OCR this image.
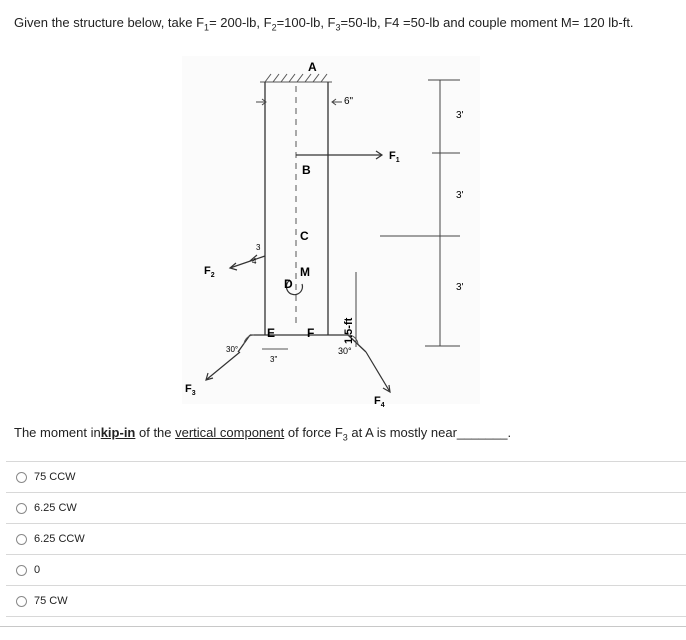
Given the structure below, take $F_1= 200-lb$, $F_2=100-lb$, $F_3=50-lb$, F4 =50-lb and couple moment M= 120 lb-ft.
A
6"
B
C
D
M
E	F
$F_1$
$F_2$
$F_3$
$F_4$
3'
3'
3'
1.5-ft
30°	30°
3"
4
3
The moment inkip-in of the vertical component of force $F_3$ at A is mostly near_______.
75 CCW
6.25 CW
6.25 CCW
0
75 CW
